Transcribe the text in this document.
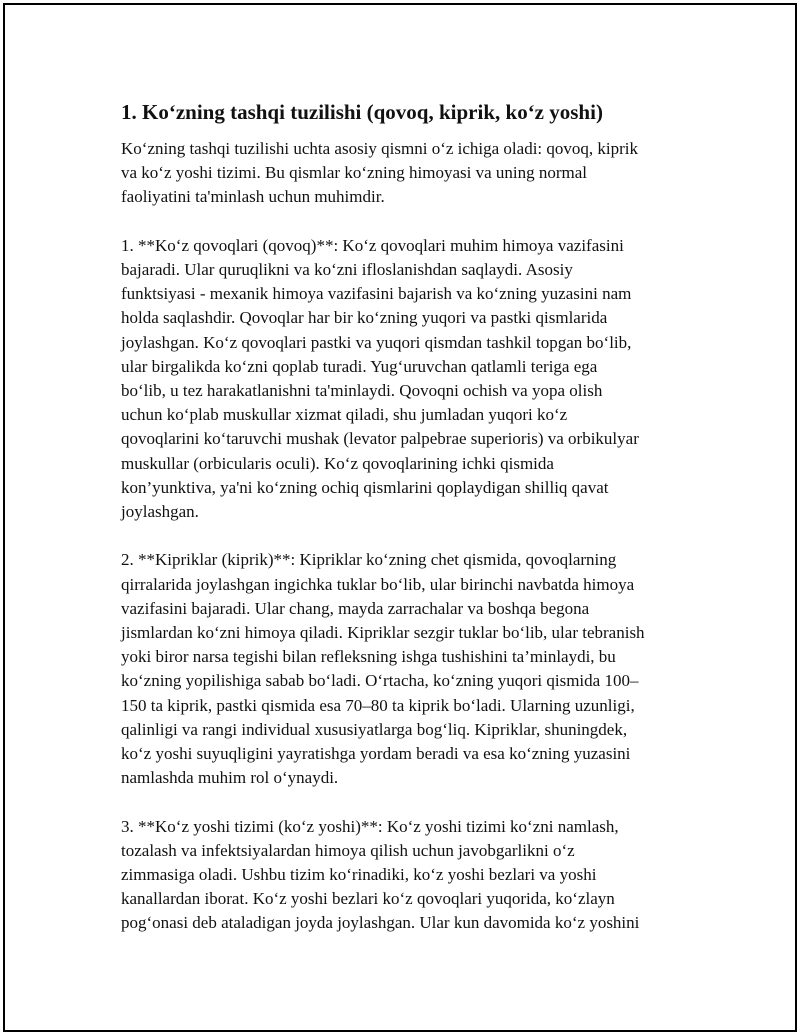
1. Ko‘zning tashqi tuzilishi (qovoq, kiprik, ko‘z yoshi)

Ko‘zning tashqi tuzilishi uchta asosiy qismni o‘z ichiga oladi: qovoq, kiprik
va ko‘z yoshi tizimi. Bu qismlar ko‘zning himoyasi va uning normal
faoliyatini ta'minlash uchun muhimdir.

1. **Ko‘z qovoqlari (qovoq)**: Ko‘z qovoqlari muhim himoya vazifasini
bajaradi. Ular quruqlikni va ko‘zni ifloslanishdan saqlaydi. Asosiy
funktsiyasi - mexanik himoya vazifasini bajarish va ko‘zning yuzasini nam
holda saqlashdir. Qovoqlar har bir ko‘zning yuqori va pastki qismlarida
joylashgan. Ko‘z qovoqlari pastki va yuqori qismdan tashkil topgan bo‘lib,
ular birgalikda ko‘zni qoplab turadi. Yug‘uruvchan qatlamli teriga ega
bo‘lib, u tez harakatlanishni ta'minlaydi. Qovoqni ochish va yopa olish
uchun ko‘plab muskullar xizmat qiladi, shu jumladan yuqori ko‘z
qovoqlarini ko‘taruvchi mushak (levator palpebrae superioris) va orbikulyar
muskullar (orbicularis oculi). Ko‘z qovoqlarining ichki qismida
kon’yunktiva, ya'ni ko‘zning ochiq qismlarini qoplaydigan shilliq qavat
joylashgan.

2. **Kipriklar (kiprik)**: Kipriklar ko‘zning chet qismida, qovoqlarning
qirralarida joylashgan ingichka tuklar bo‘lib, ular birinchi navbatda himoya
vazifasini bajaradi. Ular chang, mayda zarrachalar va boshqa begona
jismlardan ko‘zni himoya qiladi. Kipriklar sezgir tuklar bo‘lib, ular tebranish
yoki biror narsa tegishi bilan refleksning ishga tushishini ta’minlaydi, bu
ko‘zning yopilishiga sabab bo‘ladi. O‘rtacha, ko‘zning yuqori qismida 100–
150 ta kiprik, pastki qismida esa 70–80 ta kiprik bo‘ladi. Ularning uzunligi,
qalinligi va rangi individual xususiyatlarga bog‘liq. Kipriklar, shuningdek,
ko‘z yoshi suyuqligini yayratishga yordam beradi va esa ko‘zning yuzasini
namlashda muhim rol o‘ynaydi.

3. **Ko‘z yoshi tizimi (ko‘z yoshi)**: Ko‘z yoshi tizimi ko‘zni namlash,
tozalash va infektsiyalardan himoya qilish uchun javobgarlikni o‘z
zimmasiga oladi. Ushbu tizim ko‘rinadiki, ko‘z yoshi bezlari va yoshi
kanallardan iborat. Ko‘z yoshi bezlari ko‘z qovoqlari yuqorida, ko‘zlayn
pog‘onasi deb ataladigan joyda joylashgan. Ular kun davomida ko‘z yoshini
